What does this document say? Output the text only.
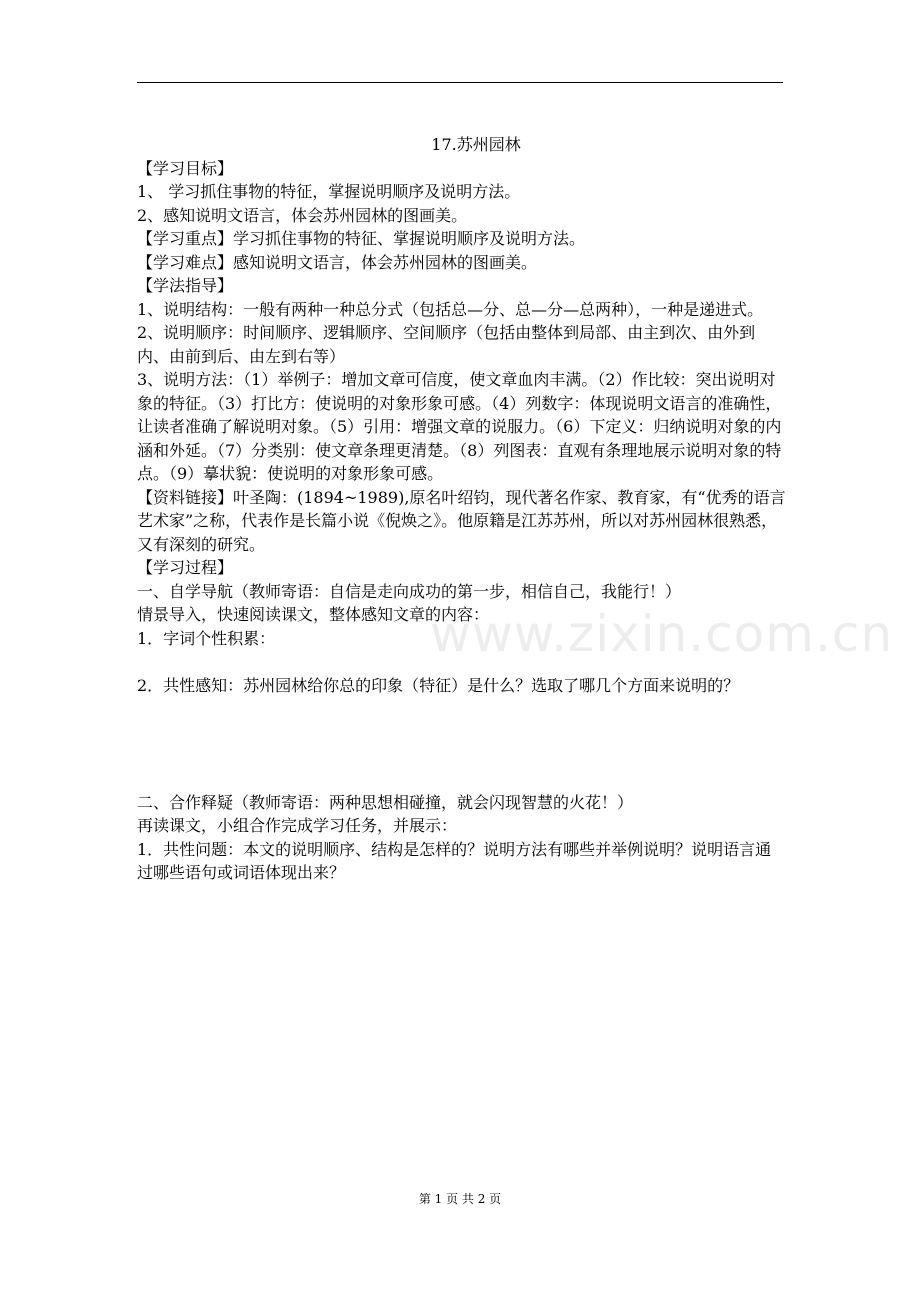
17.苏州园林

【学习目标】

1、 学习抓住事物的特征，掌握说明顺序及说明方法。

2、感知说明文语言，体会苏州园林的图画美。

【学习重点】学习抓住事物的特征、掌握说明顺序及说明方法。

【学习难点】感知说明文语言，体会苏州园林的图画美。

【学法指导】

1、说明结构：一般有两种一种总分式（包括总—分、总—分—总两种），一种是递进式。

2、说明顺序：时间顺序、逻辑顺序、空间顺序（包括由整体到局部、由主到次、由外到内、由前到后、由左到右等）

3、说明方法：（1）举例子：增加文章可信度，使文章血肉丰满。（2）作比较：突出说明对象的特征。（3）打比方：使说明的对象形象可感。（4）列数字：体现说明文语言的准确性，让读者准确了解说明对象。（5）引用：增强文章的说服力。（6）下定义：归纳说明对象的内涵和外延。（7）分类别：使文章条理更清楚。（8）列图表：直观有条理地展示说明对象的特点。（9）摹状貌：使说明的对象形象可感。

【资料链接】叶圣陶：(1894~1989),原名叶绍钧，现代著名作家、教育家，有“优秀的语言艺术家”之称，代表作是长篇小说《倪焕之》。他原籍是江苏苏州，所以对苏州园林很熟悉，又有深刻的研究。

【学习过程】

一、自学导航（教师寄语：自信是走向成功的第一步，相信自己，我能行！）

情景导入，快速阅读课文，整体感知文章的内容：

1．字词个性积累：

2．共性感知：苏州园林给你总的印象（特征）是什么？选取了哪几个方面来说明的？

二、合作释疑（教师寄语：两种思想相碰撞，就会闪现智慧的火花！）

再读课文，小组合作完成学习任务，并展示：

1．共性问题：本文的说明顺序、结构是怎样的？说明方法有哪些并举例说明？说明语言通过哪些语句或词语体现出来？

www.zixin.com.cn
第 1 页 共 2 页
